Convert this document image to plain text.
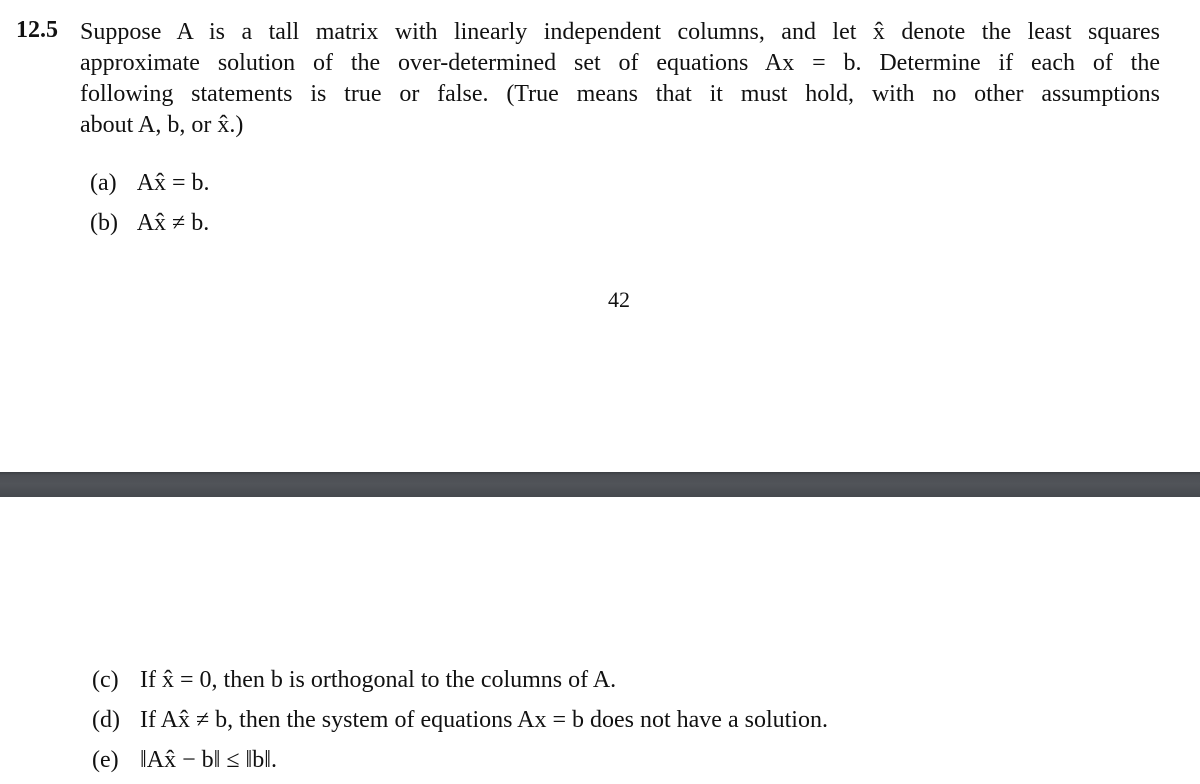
12.5 Suppose A is a tall matrix with linearly independent columns, and let x̂ denote the least squares
approximate solution of the over-determined set of equations Ax = b. Determine if each of the
following statements is true or false. (True means that it must hold, with no other assumptions
about A, b, or x̂.)
(a) Ax̂ = b.
(b) Ax̂ ≠ b.
42
(c) If x̂ = 0, then b is orthogonal to the columns of A.
(d) If Ax̂ ≠ b, then the system of equations Ax = b does not have a solution.
(e) ‖Ax̂ − b‖ ≤ ‖b‖.
